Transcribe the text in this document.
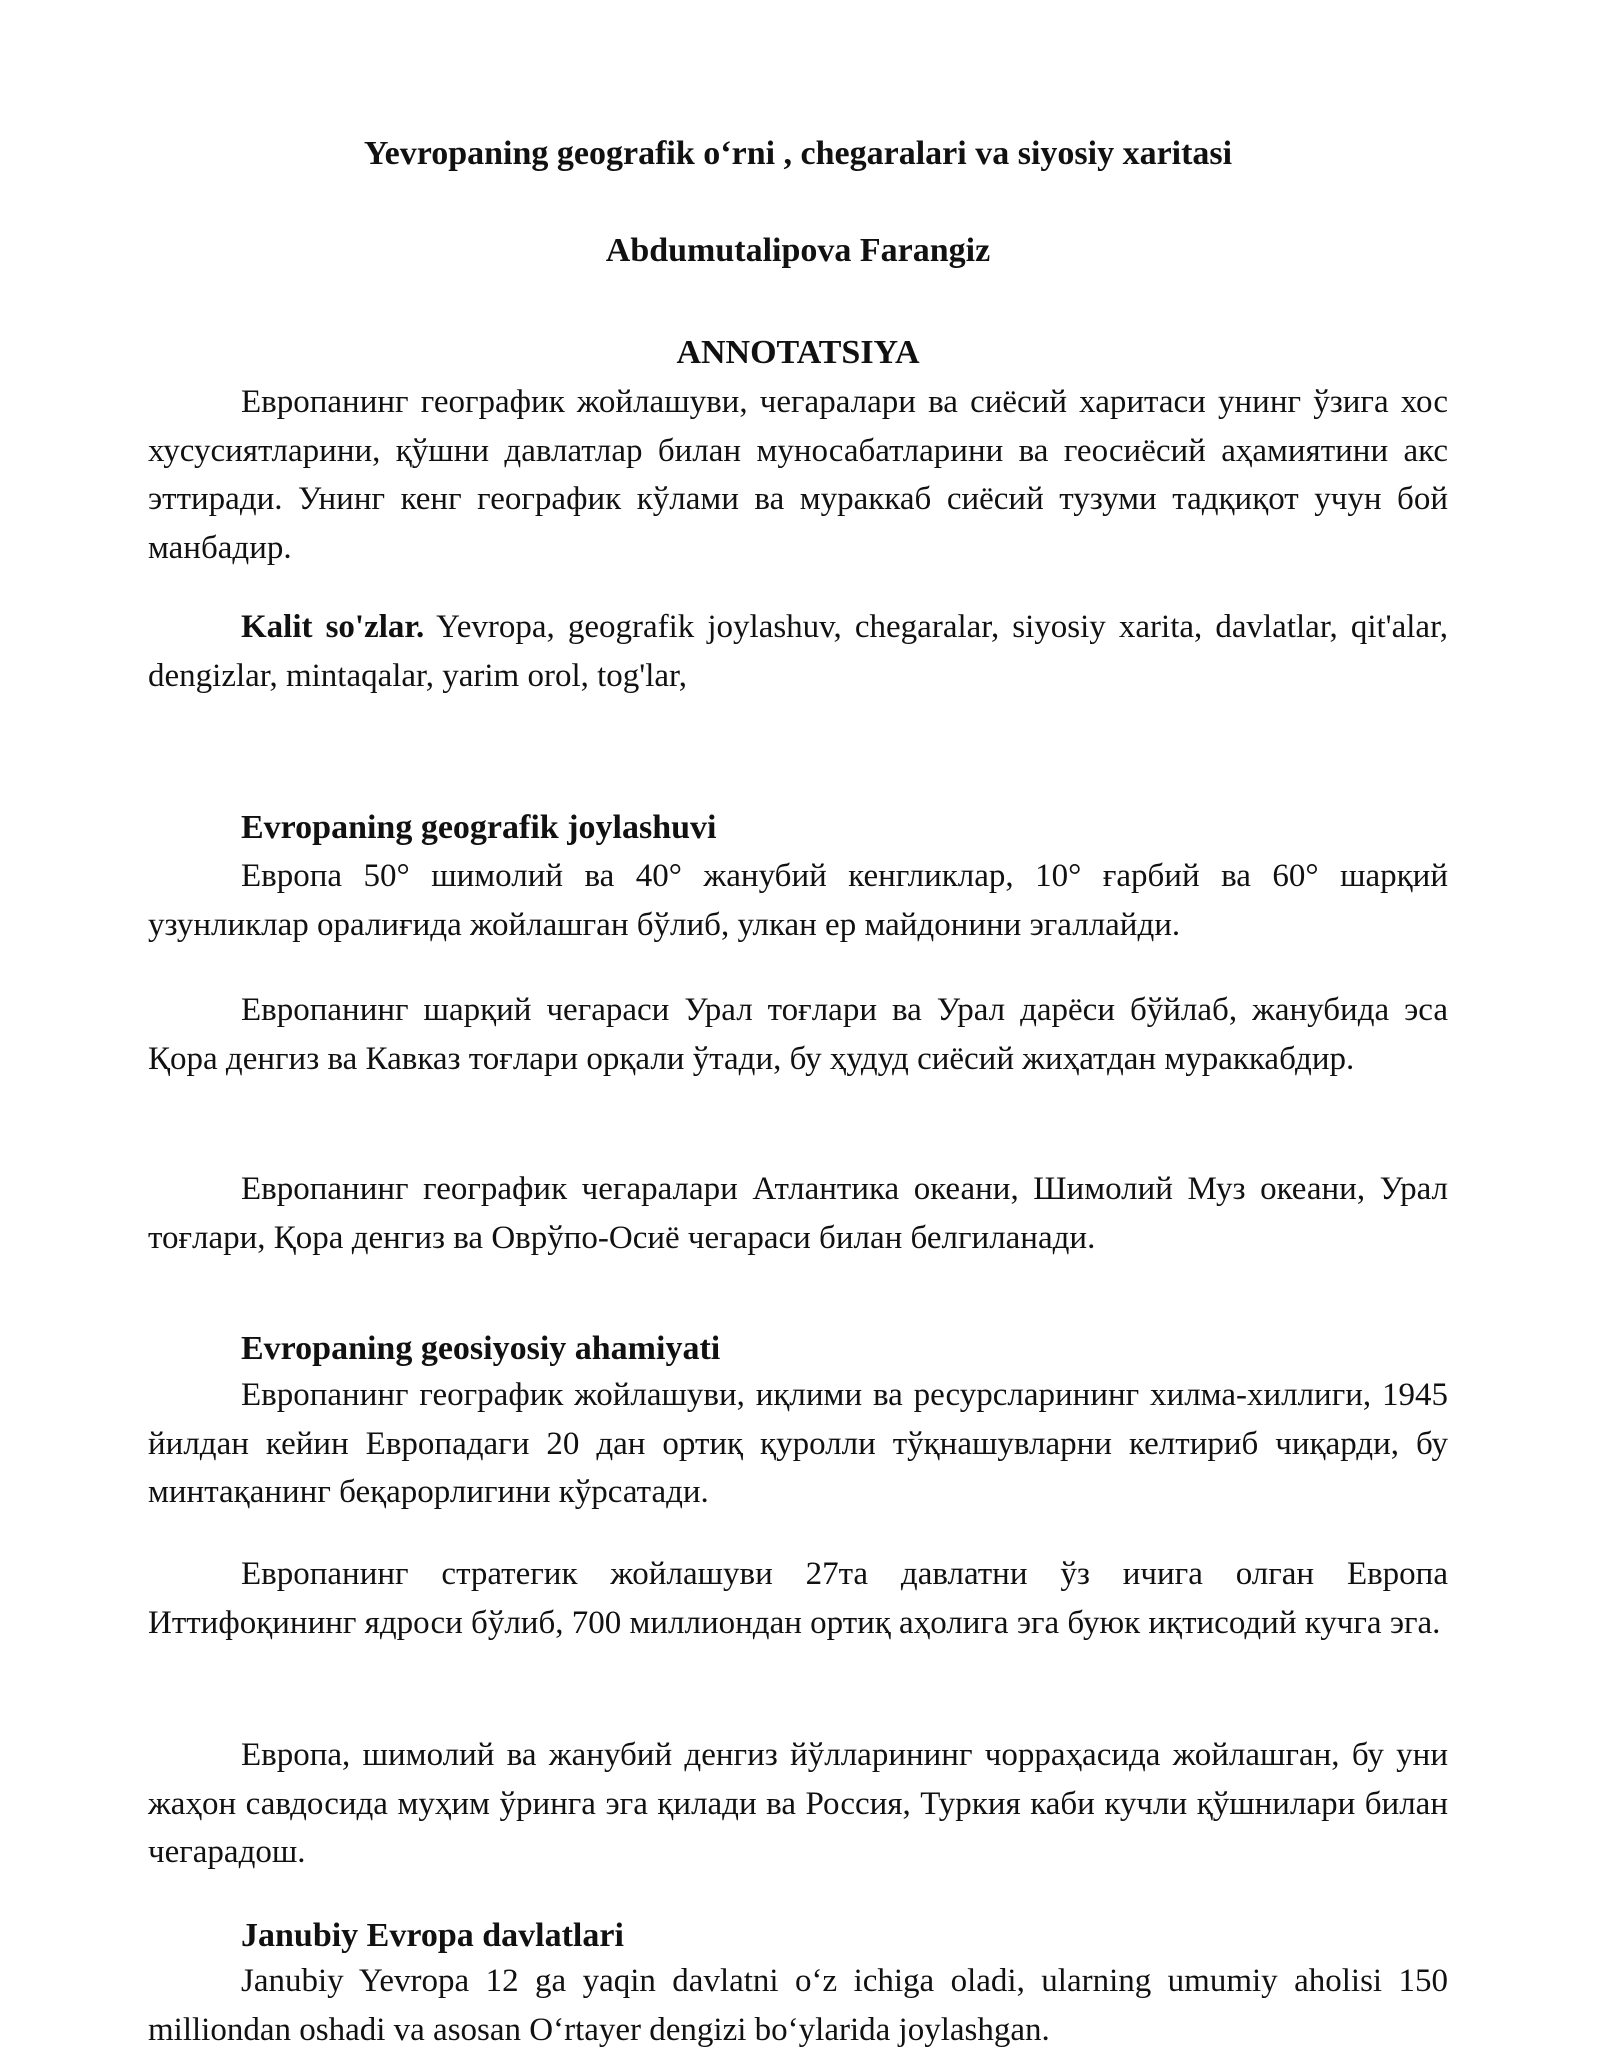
Yevropaning geografik o‘rni , chegaralari va siyosiy xaritasi
Abdumutalipova Farangiz
ANNOTATSIYA

Европанинг географик жойлашуви, чегаралари ва сиёсий харитаси унинг ўзига хос хусусиятларини, қўшни давлатлар билан муносабатларини ва геосиёсий аҳамиятини акс эттиради. Унинг кенг географик кўлами ва мураккаб сиёсий тузуми тадқиқот учун бой манбадир.

Kalit so'zlar. Yevropa, geografik joylashuv, chegaralar, siyosiy xarita, davlatlar, qit'alar, dengizlar, mintaqalar, yarim orol, tog'lar,

Evropaning geografik joylashuvi

Европа 50° шимолий ва 40° жанубий кенгликлар, 10° ғарбий ва 60° шарқий узунликлар оралиғида жойлашган бўлиб, улкан ер майдонини эгаллайди.

Европанинг шарқий чегараси Урал тоғлари ва Урал дарёси бўйлаб, жанубида эса Қора денгиз ва Кавказ тоғлари орқали ўтади, бу ҳудуд сиёсий жиҳатдан мураккабдир.

Европанинг географик чегаралари Атлантика океани, Шимолий Муз океани, Урал тоғлари, Қора денгиз ва Оврўпо-Осиё чегараси билан белгиланади.

Evropaning geosiyosiy ahamiyati

Европанинг географик жойлашуви, иқлими ва ресурсларининг хилма-хиллиги, 1945 йилдан кейин Европадаги 20 дан ортиқ қуролли тўқнашувларни келтириб чиқарди, бу минтақанинг беқарорлигини кўрсатади.

Европанинг стратегик жойлашуви 27та давлатни ўз ичига олган Европа Иттифоқининг ядроси бўлиб, 700 миллиондан ортиқ аҳолига эга буюк иқтисодий кучга эга.

Европа, шимолий ва жанубий денгиз йўлларининг чорраҳасида жойлашган, бу уни жаҳон савдосида муҳим ўринга эга қилади ва Россия, Туркия каби кучли қўшнилари билан чегарадош.

Janubiy Evropa davlatlari

Janubiy Yevropa 12 ga yaqin davlatni o‘z ichiga oladi, ularning umumiy aholisi 150 milliondan oshadi va asosan O‘rtayer dengizi bo‘ylarida joylashgan.
